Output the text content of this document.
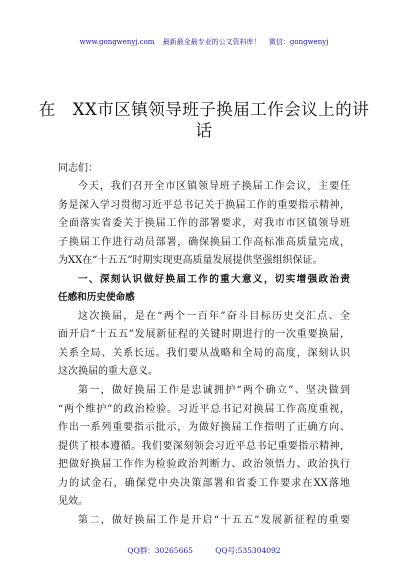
www.gongwenyj.com 最新最全最专业的公文资料库！ 微信：gongwenyj
在　XX市区镇领导班子换届工作会议上的讲
话
同志们：
今天，我们召开全市区镇领导班子换届工作会议，主要任
务是深入学习贯彻习近平总书记关于换届工作的重要指示精神，
全面落实省委关于换届工作的部署要求，对我市市区镇领导班
子换届工作进行动员部署，确保换届工作高标准高质量完成，
为XX在“十五五”时期实现更高质量发展提供坚强组织保证。
一、深刻认识做好换届工作的重大意义，切实增强政治责
任感和历史使命感
这次换届，是在“两个一百年”奋斗目标历史交汇点、全
面开启“十五五”发展新征程的关键时期进行的一次重要换届，
关系全局、关系长远。我们要从战略和全局的高度，深刻认识
这次换届的重大意义。
第一，做好换届工作是忠诚拥护“两个确立”、坚决做到
“两个维护”的政治检验。习近平总书记对换届工作高度重视，
作出一系列重要指示批示，为做好换届工作指明了正确方向、
提供了根本遵循。我们要深刻领会习近平总书记重要指示精神，
把做好换届工作作为检验政治判断力、政治领悟力、政治执行
力的试金石，确保党中央决策部署和省委工作要求在XX落地
见效。
第二，做好换届工作是开启“十五五”发展新征程的重要
QQ群：30265665	QQ号:535304092
